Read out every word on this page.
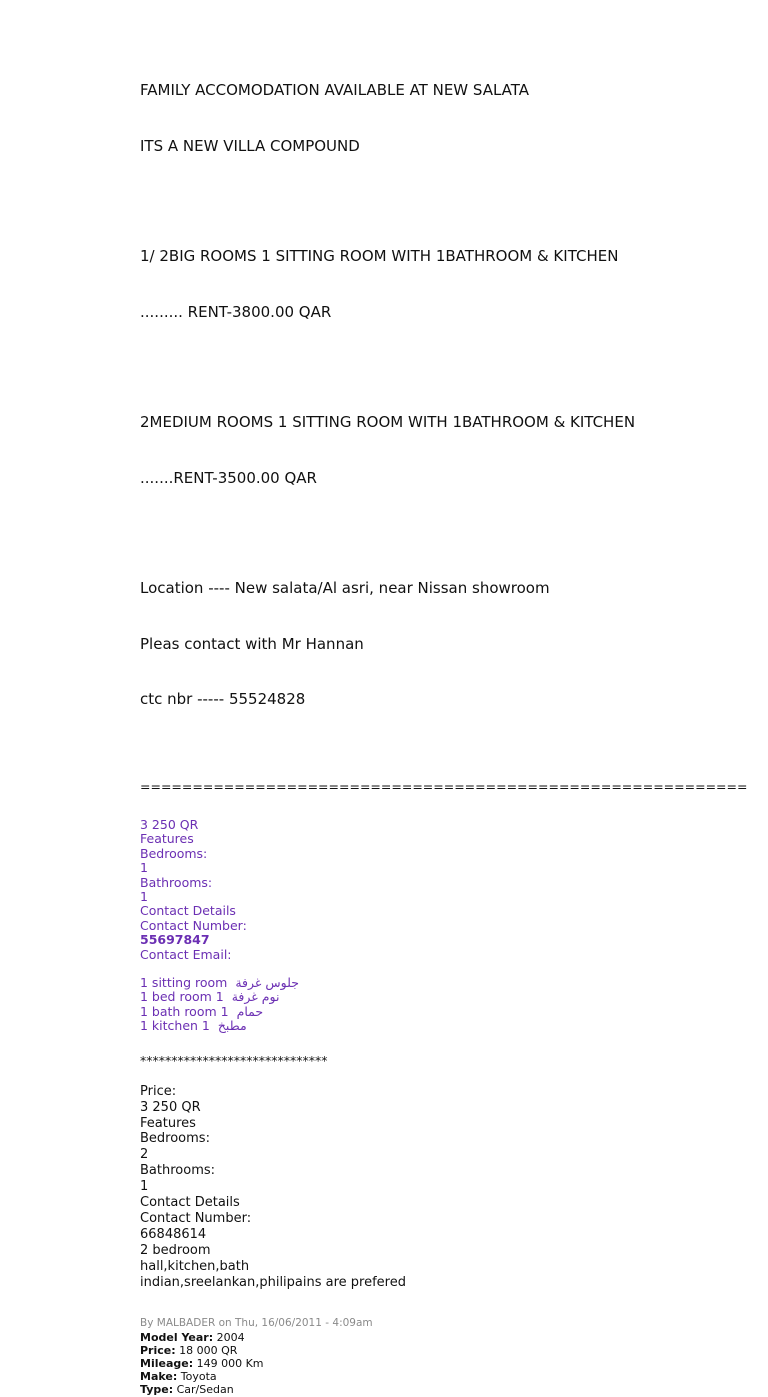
FAMILY ACCOMODATION AVAILABLE AT NEW SALATA

ITS A NEW VILLA COMPOUND

1/ 2BIG ROOMS 1 SITTING ROOM WITH 1BATHROOM & KITCHEN

......... RENT-3800.00 QAR

2MEDIUM ROOMS 1 SITTING ROOM WITH 1BATHROOM & KITCHEN

.......RENT-3500.00 QAR

Location ---- New salata/Al asri, near Nissan showroom

Pleas contact with Mr Hannan

ctc nbr ----- 55524828

==========================================================
3 250 QR
Features
Bedrooms:
1
Bathrooms:
1
Contact Details
Contact Number:
55697847
Contact Email:
1 sitting room جلوس غرفة
1 bed room 1 نوم غرفة
1 bath room 1 حمام
1 kitchen 1 مطبخ
******************************
Price:
3 250 QR
Features
Bedrooms:
2
Bathrooms:
1
Contact Details
Contact Number:
66848614
2 bedroom
hall,kitchen,bath
indian,sreelankan,philipains are prefered
By MALBADER on Thu, 16/06/2011 - 4:09am
Model Year: 2004
Price: 18 000 QR
Mileage: 149 000 Km
Make: Toyota
Type: Car/Sedan
